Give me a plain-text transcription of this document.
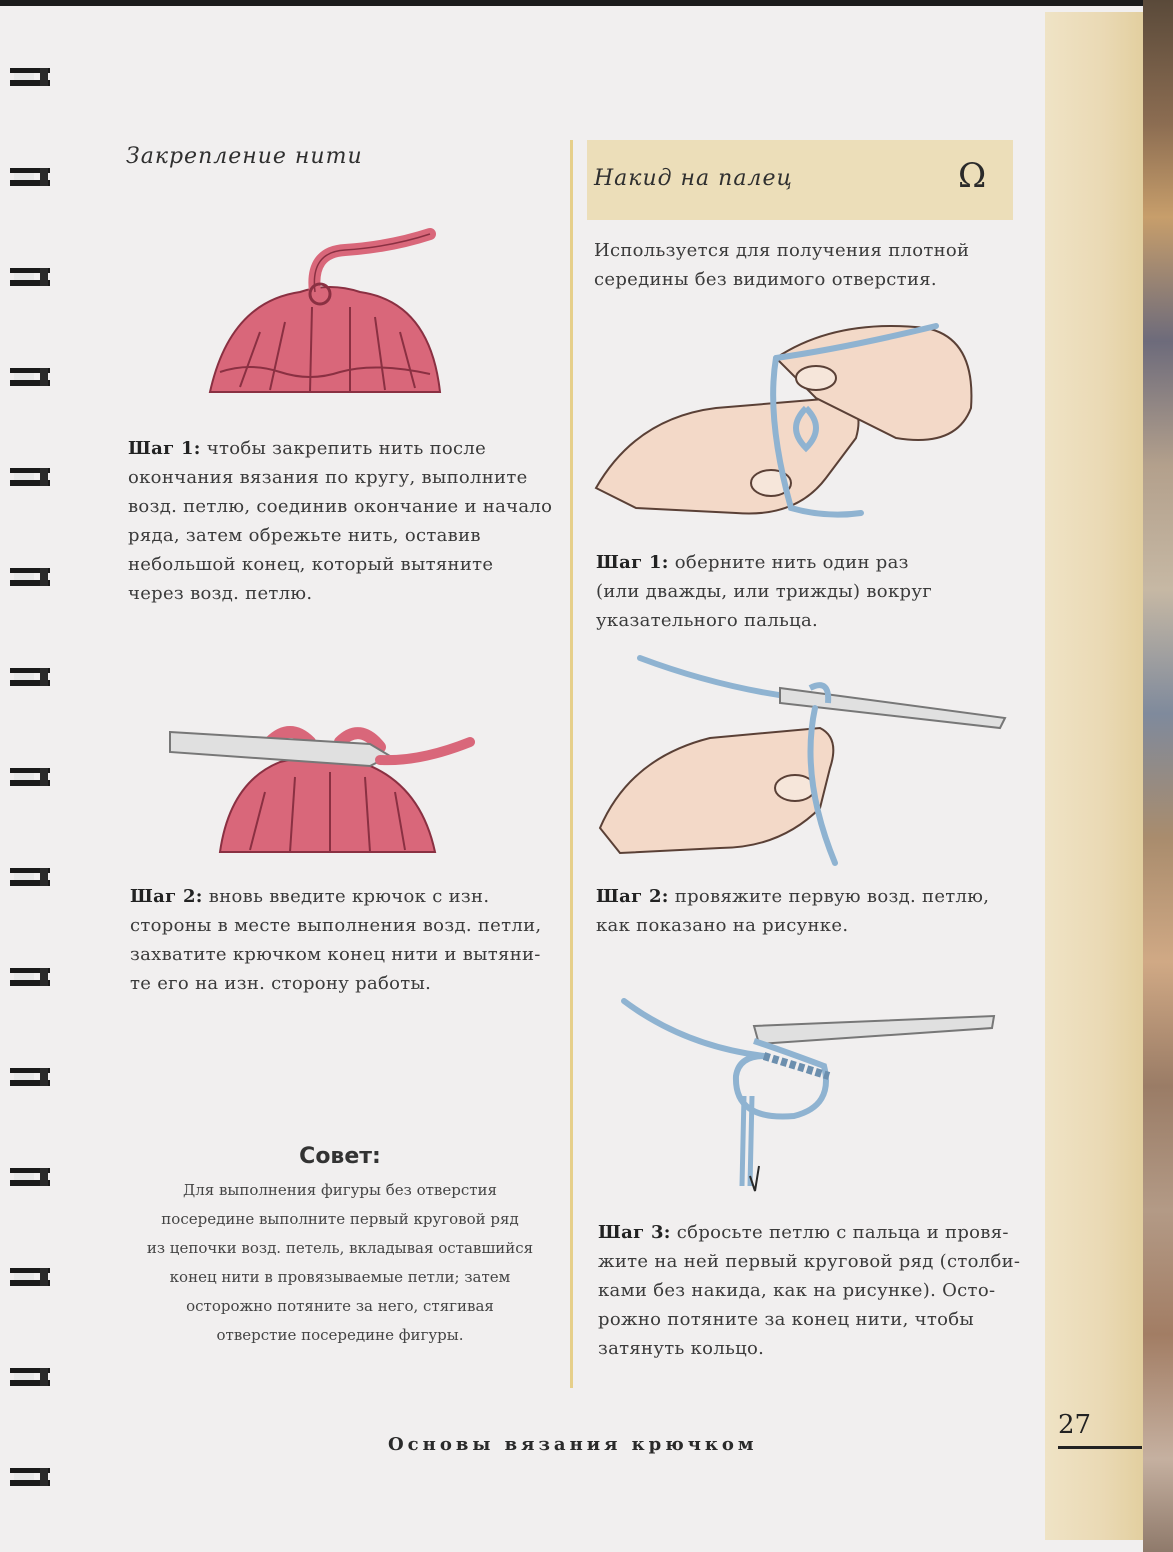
Закрепление нити
Шаг 1: чтобы закрепить нить после
окончания вязания по кругу, выполните
возд. петлю, соединив окончание и начало
ряда, затем обрежьте нить, оставив
небольшой конец, который вытяните
через возд. петлю.
Шаг 2: вновь введите крючок с изн.
стороны в месте выполнения возд. петли,
захватите крючком конец нити и вытяни-
те его на изн. сторону работы.
Совет:
Для выполнения фигуры без отверстия
посередине выполните первый круговой ряд
из цепочки возд. петель, вкладывая оставшийся
конец нити в провязываемые петли; затем
осторожно потяните за него, стягивая
отверстие посередине фигуры.
Накид на палец	Ω
Используется для получения плотной
середины без видимого отверстия.
Шаг 1: оберните нить один раз
(или дважды, или трижды) вокруг
указательного пальца.
Шаг 2: провяжите первую возд. петлю,
как показано на рисунке.
Шаг 3: сбросьте петлю с пальца и провя-
жите на ней первый круговой ряд (столби-
ками без накида, как на рисунке). Осто-
рожно потяните за конец нити, чтобы
затянуть кольцо.
Основы вязания крючком
27
